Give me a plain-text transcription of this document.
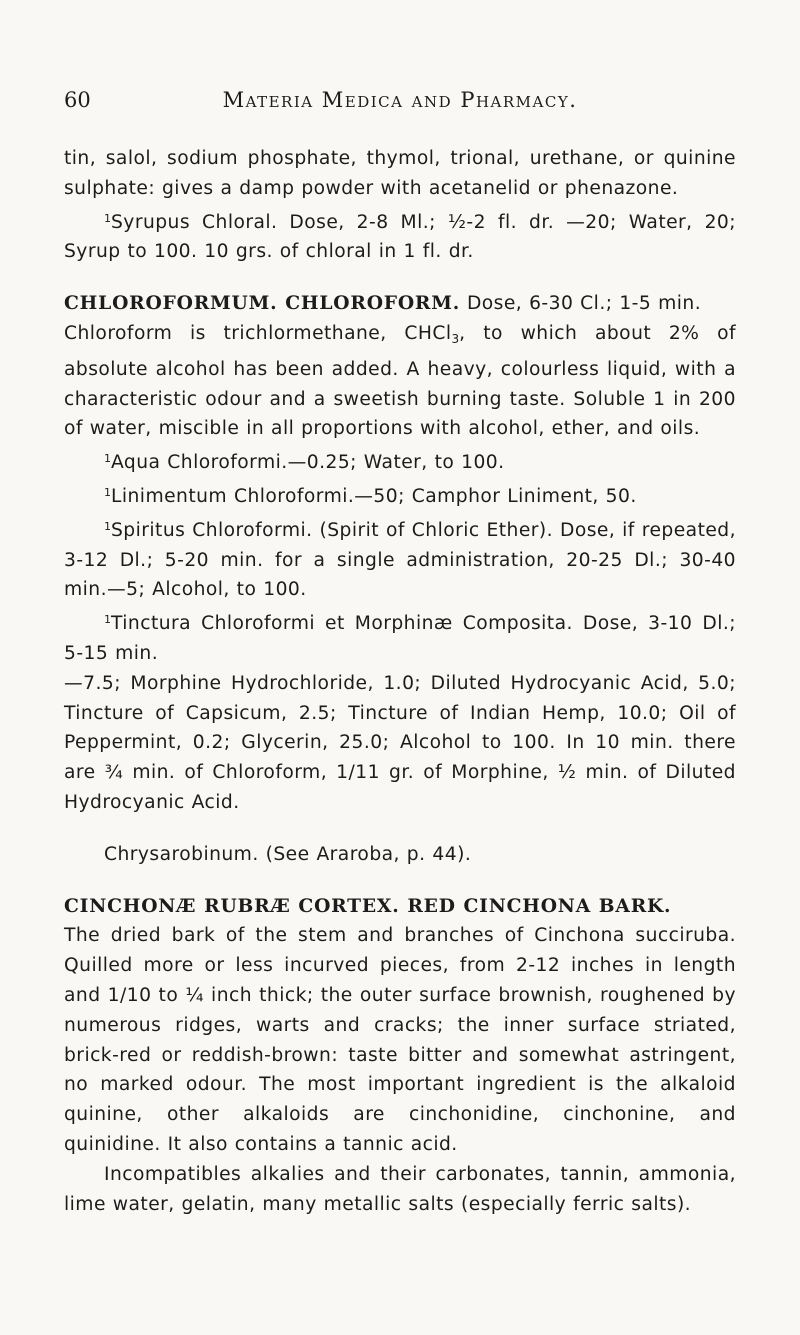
60	Materia Medica and Pharmacy.

tin, salol, sodium phosphate, thymol, trional, urethane, or quinine sulphate: gives a damp powder with acetanelid or phenazone.

$^1$Syrupus Chloral. Dose, 2-8 Ml.; ½-2 fl. dr. —20; Water, 20; Syrup to 100. 10 grs. of chloral in 1 fl. dr.

CHLOROFORMUM. CHLOROFORM. Dose, 6-30 Cl.; 1-5 min.

Chloroform is trichlormethane, CHCl$_3$, to which about 2% of absolute alcohol has been added. A heavy, colourless liquid, with a characteristic odour and a sweetish burning taste. Soluble 1 in 200 of water, miscible in all proportions with alcohol, ether, and oils.

$^1$Aqua Chloroformi.—0.25; Water, to 100.

$^1$Linimentum Chloroformi.—50; Camphor Liniment, 50.

$^1$Spiritus Chloroformi. (Spirit of Chloric Ether). Dose, if repeated, 3-12 Dl.; 5-20 min. for a single administration, 20-25 Dl.; 30-40 min.—5; Alcohol, to 100.

$^1$Tinctura Chloroformi et Morphinæ Composita. Dose, 3-10 Dl.; 5-15 min.

—7.5; Morphine Hydrochloride, 1.0; Diluted Hydrocyanic Acid, 5.0; Tincture of Capsicum, 2.5; Tincture of Indian Hemp, 10.0; Oil of Peppermint, 0.2; Glycerin, 25.0; Alcohol to 100. In 10 min. there are ¾ min. of Chloroform, 1/11 gr. of Morphine, ½ min. of Diluted Hydrocyanic Acid.

Chrysarobinum. (See Araroba, p. 44).

CINCHONÆ RUBRÆ CORTEX. RED CINCHONA BARK.

The dried bark of the stem and branches of Cinchona succiruba. Quilled more or less incurved pieces, from 2-12 inches in length and 1/10 to ¼ inch thick; the outer surface brownish, roughened by numerous ridges, warts and cracks; the inner surface striated, brick-red or reddish-brown: taste bitter and somewhat astringent, no marked odour. The most important ingredient is the alkaloid quinine, other alkaloids are cinchonidine, cinchonine, and quinidine. It also contains a tannic acid.

Incompatibles alkalies and their carbonates, tannin, ammonia, lime water, gelatin, many metallic salts (especially ferric salts).
